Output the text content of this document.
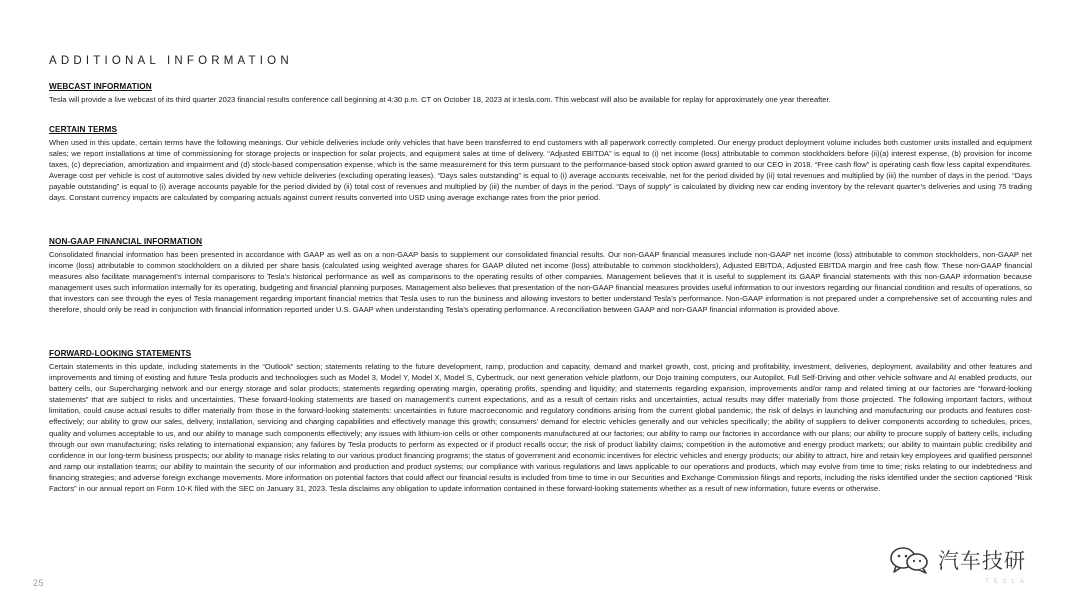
ADDITIONAL INFORMATION

WEBCAST INFORMATION

Tesla will provide a live webcast of its third quarter 2023 financial results conference call beginning at 4:30 p.m. CT on October 18, 2023 at ir.tesla.com. This webcast will also be available for replay for approximately one year thereafter.

CERTAIN TERMS

When used in this update, certain terms have the following meanings. Our vehicle deliveries include only vehicles that have been transferred to end customers with all paperwork correctly completed. Our energy product deployment volume includes both customer units installed and equipment sales; we report installations at time of commissioning for storage projects or inspection for solar projects, and equipment sales at time of delivery. “Adjusted EBITDA” is equal to (i) net income (loss) attributable to common stockholders before (ii)(a) interest expense, (b) provision for income taxes, (c) depreciation, amortization and impairment and (d) stock-based compensation expense, which is the same measurement for this term pursuant to the performance-based stock option award granted to our CEO in 2018. “Free cash flow” is operating cash flow less capital expenditures. Average cost per vehicle is cost of automotive sales divided by new vehicle deliveries (excluding operating leases). “Days sales outstanding” is equal to (i) average accounts receivable, net for the period divided by (ii) total revenues and multiplied by (iii) the number of days in the period. “Days payable outstanding” is equal to (i) average accounts payable for the period divided by (ii) total cost of revenues and multiplied by (iii) the number of days in the period. “Days of supply” is calculated by dividing new car ending inventory by the relevant quarter’s deliveries and using 75 trading days. Constant currency impacts are calculated by comparing actuals against current results converted into USD using average exchange rates from the prior period.

NON-GAAP FINANCIAL INFORMATION

Consolidated financial information has been presented in accordance with GAAP as well as on a non-GAAP basis to supplement our consolidated financial results. Our non-GAAP financial measures include non-GAAP net income (loss) attributable to common stockholders, non-GAAP net income (loss) attributable to common stockholders on a diluted per share basis (calculated using weighted average shares for GAAP diluted net income (loss) attributable to common stockholders), Adjusted EBITDA, Adjusted EBITDA margin and free cash flow. These non-GAAP financial measures also facilitate management’s internal comparisons to Tesla’s historical performance as well as comparisons to the operating results of other companies. Management believes that it is useful to supplement its GAAP financial statements with this non-GAAP information because management uses such information internally for its operating, budgeting and financial planning purposes. Management also believes that presentation of the non-GAAP financial measures provides useful information to our investors regarding our financial condition and results of operations, so that investors can see through the eyes of Tesla management regarding important financial metrics that Tesla uses to run the business and allowing investors to better understand Tesla’s performance. Non-GAAP information is not prepared under a comprehensive set of accounting rules and therefore, should only be read in conjunction with financial information reported under U.S. GAAP when understanding Tesla’s operating performance. A reconciliation between GAAP and non-GAAP financial information is provided above.

FORWARD-LOOKING STATEMENTS

Certain statements in this update, including statements in the “Outlook” section; statements relating to the future development, ramp, production and capacity, demand and market growth, cost, pricing and profitability, investment, deliveries, deployment, availability and other features and improvements and timing of existing and future Tesla products and technologies such as Model 3, Model Y, Model X, Model S, Cybertruck, our next generation vehicle platform, our Dojo training computers, our Autopilot, Full Self-Driving and other vehicle software and AI enabled products, our battery cells, our Supercharging network and our energy storage and solar products; statements regarding operating margin, operating profits, spending and liquidity; and statements regarding expansion, improvements and/or ramp and related timing at our factories are “forward-looking statements” that are subject to risks and uncertainties. These forward-looking statements are based on management’s current expectations, and as a result of certain risks and uncertainties, actual results may differ materially from those projected. The following important factors, without limitation, could cause actual results to differ materially from those in the forward-looking statements: uncertainties in future macroeconomic and regulatory conditions arising from the current global pandemic; the risk of delays in launching and manufacturing our products and features cost-effectively; our ability to grow our sales, delivery, installation, servicing and charging capabilities and effectively manage this growth; consumers’ demand for electric vehicles generally and our vehicles specifically; the ability of suppliers to deliver components according to schedules, prices, quality and volumes acceptable to us, and our ability to manage such components effectively; any issues with lithium-ion cells or other components manufactured at our factories; our ability to ramp our factories in accordance with our plans; our ability to procure supply of battery cells, including through our own manufacturing; risks relating to international expansion; any failures by Tesla products to perform as expected or if product recalls occur; the risk of product liability claims; competition in the automotive and energy product markets; our ability to maintain public credibility and confidence in our long-term business prospects; our ability to manage risks relating to our various product financing programs; the status of government and economic incentives for electric vehicles and energy products; our ability to attract, hire and retain key employees and qualified personnel and ramp our installation teams; our ability to maintain the security of our information and production and product systems; our compliance with various regulations and laws applicable to our operations and products, which may evolve from time to time; risks relating to our indebtedness and financing strategies; and adverse foreign exchange movements. More information on potential factors that could affect our financial results is included from time to time in our Securities and Exchange Commission filings and reports, including the risks identified under the section captioned “Risk Factors” in our annual report on Form 10-K filed with the SEC on January 31, 2023. Tesla disclaims any obligation to update information contained in these forward-looking statements whether as a result of new information, future events or otherwise.

25
汽车技研
TESLA
